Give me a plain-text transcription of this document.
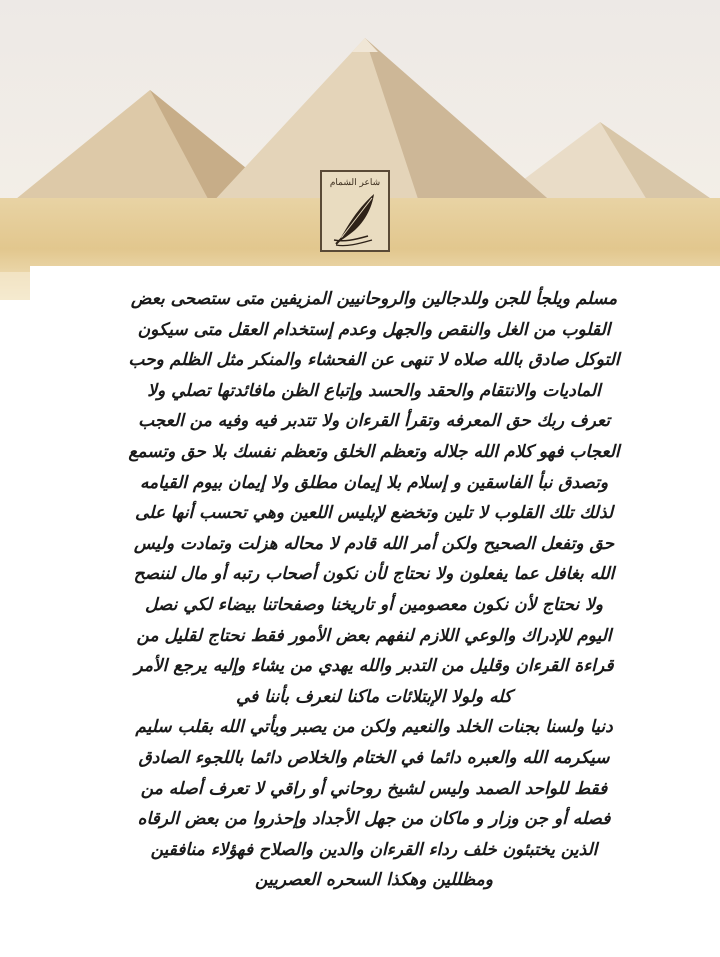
شاعر الشمام
مسلم ويلجأ للجن وللدجالين والروحانيين المزيفين متى ستصحى بعض
القلوب من الغل والنقص والجهل وعدم إستخدام العقل متى سيكون
التوكل صادق بالله صلاه لا تنهى عن الفحشاء والمنكر مثل الظلم وحب
الماديات والانتقام والحقد والحسد وإتباع الظن مافائدتها تصلي ولا
تعرف ربك حق المعرفه وتقرأ القرءان ولا تتدبر فيه وفيه من العجب
العجاب فهو كلام الله جلاله وتعظم الخلق وتعظم نفسك بلا حق وتسمع
وتصدق نبأ الفاسقين و إسلام بلا إيمان مطلق ولا إيمان بيوم القيامه
لذلك تلك القلوب لا تلين وتخضع لإبليس اللعين وهي تحسب أنها على
حق وتفعل الصحيح ولكن أمر الله قادم لا محاله هزلت وتمادت وليس
الله بغافل عما يفعلون ولا نحتاج لأن نكون أصحاب رتبه أو مال لننصح
ولا نحتاج لأن نكون معصومين أو تاريخنا وصفحاتنا بيضاء لكي نصل
اليوم للإدراك والوعي اللازم لنفهم بعض الأمور فقط نحتاج لقليل من
قراءة القرءان وقليل من التدبر والله يهدي من يشاء وإليه يرجع الأمر
كله ولولا الإبتلائات ماكنا لنعرف بأننا في
دنيا ولسنا بجنات الخلد والنعيم ولكن من يصبر ويأتي الله بقلب سليم
سيكرمه الله والعبره دائما في الختام والخلاص دائما باللجوء الصادق
فقط للواحد الصمد وليس لشيخ روحاني أو راقي لا تعرف أصله من
فصله أو جن وزار و ماكان من جهل الأجداد وإحذروا من بعض الرقاه
الذين يختبئون خلف رداء القرءان والدين والصلاح فهؤلاء منافقين
ومظللين وهكذا السحره العصريين
